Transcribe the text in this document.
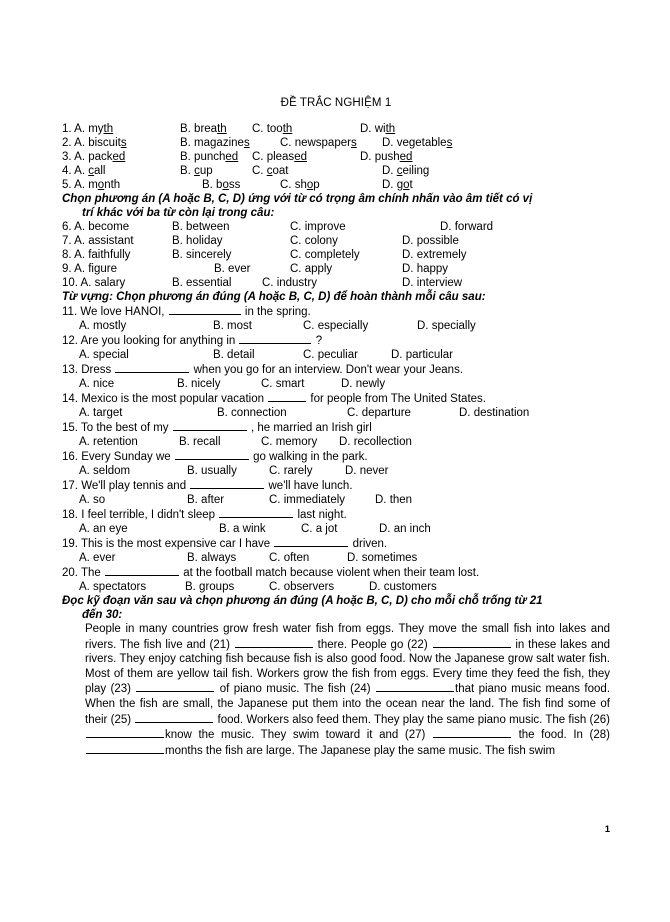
ĐỀ TRẮC NGHIỆM 1
1. A. myth	B. breath C. tooth	D. with
2. A. biscuits	B. magazines	C. newspapers D. vegetables
3. A. packed	B. punched C. pleased	D. pushed
4. A. call	B. cup	C. coat	D. ceiling
5. A. month	B. boss	C. shop	D. got
Chọn phương án (A hoặc B, C, D) ứng với từ có trọng âm chính nhấn vào âm tiết có vị
trí khác với ba từ còn lại trong câu:
6. A. become	B. between	C. improve	D. forward
7. A. assistant	B. holiday	C. colony	D. possible
8. A. faithfully	B. sincerely	C. completely	D. extremely
9. A. figure	B. ever	C. apply	D. happy
10. A. salary	B. essential	C. industry	D. interview
Từ vựng: Chọn phương án đúng (A hoặc B, C, D) để hoàn thành mỗi câu sau:
11. We love HANOI,	in the spring.
A. mostly	B. most	C. especially	D. specially
12. Are you looking for anything in	?
A. special	B. detail	C. peculiar	D. particular
13. Dress	when you go for an interview. Don't wear your Jeans.
A. nice	B. nicely	C. smart	D. newly
14. Mexico is the most popular vacation	for people from The United States.
A. target	B. connection	C. departure	D. destination
15. To the best of my	, he married an Irish girl
A. retention	B. recall	C. memory D. recollection
16. Every Sunday we	go walking in the park.
A. seldom	B. usually	C. rarely	D. never
17. We'll play tennis and	we'll have lunch.
A. so	B. after	C. immediately	D. then
18. I feel terrible, I didn't sleep	last night.
A. an eye	B. a wink	C. a jot	D. an inch
19. This is the most expensive car I have	driven.
A. ever	B. always	C. often	D. sometimes
20. The	at the football match because violent when their team lost.
A. spectators	B. groups	C. observers	D. customers
Đọc kỹ đoạn văn sau và chọn phương án đúng (A hoặc B, C, D) cho mỗi chỗ trống từ 21
đến 30:

People in many countries grow fresh water fish from eggs. They move the small fish into lakes and rivers. The fish live and (21)	there. People go (22)	in these lakes and rivers. They enjoy catching fish because fish is also good food. Now the Japanese grow salt water fish. Most of them are yellow tail fish. Workers grow the fish from eggs. Every time they feed the fish, they play (23)	of piano music. The fish (24)	that piano music means food. When the fish are small, the Japanese put them into the ocean near the land. The fish find some of their (25)	food. Workers also feed them. They play the same piano music. The fish (26) know the music. They swim toward it and (27)	the food. In (28) months the fish are large. The Japanese play the same music. The fish swim

1
